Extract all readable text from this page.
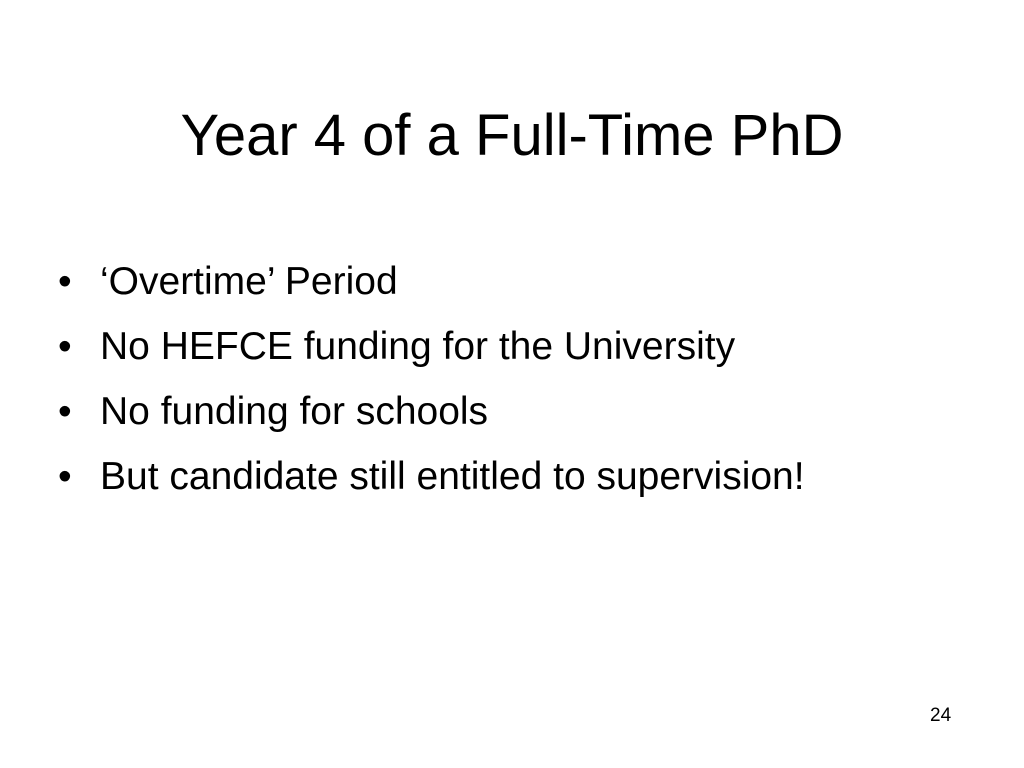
Year 4 of a Full-Time PhD
• ‘Overtime’ Period
• No HEFCE funding for the University
• No funding for schools
• But candidate still entitled to supervision!
24
